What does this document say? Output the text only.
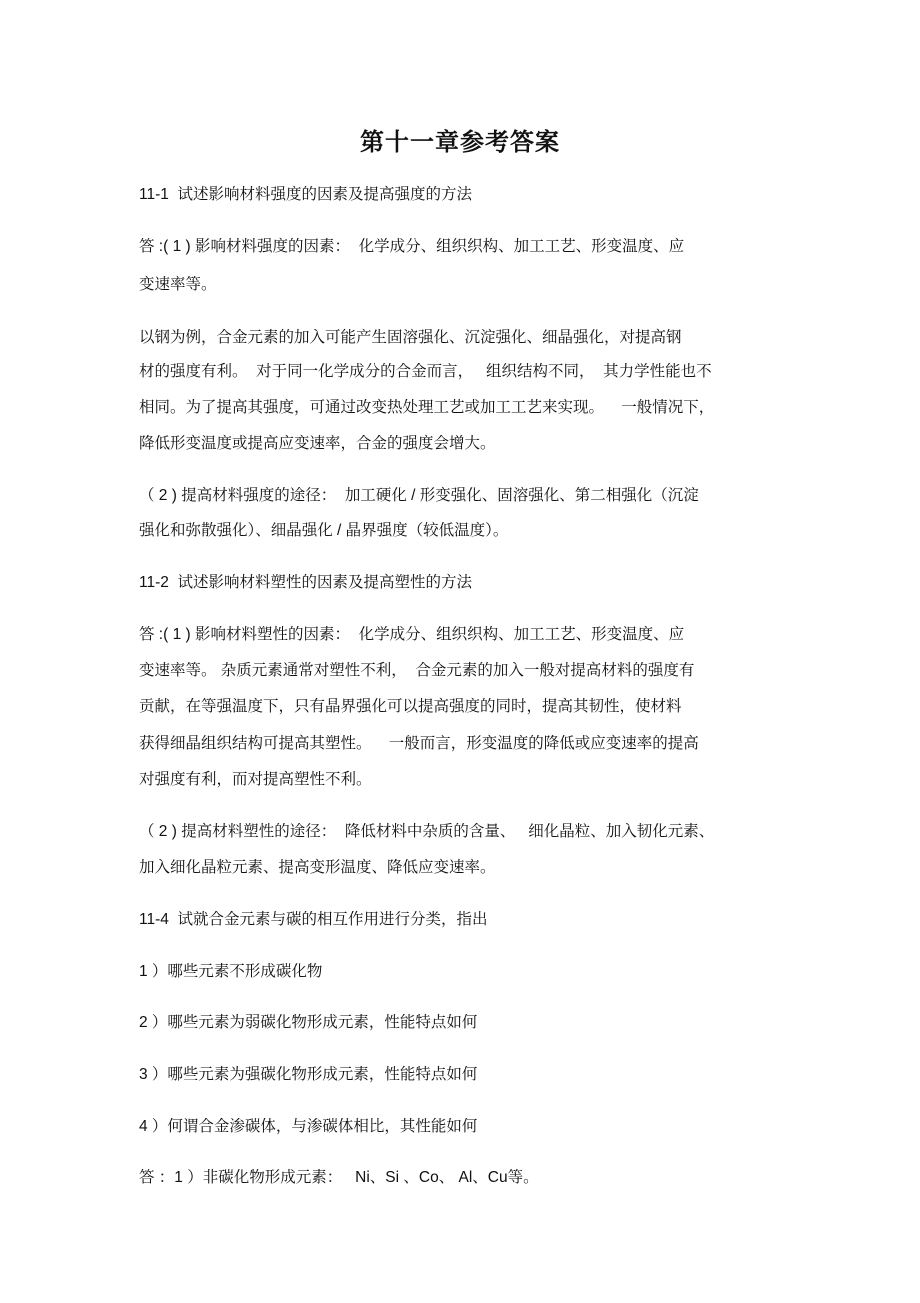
第十一章参考答案
11-1  试述影响材料强度的因素及提高强度的方法
答 :( 1 ) 影响材料强度的因素：  化学成分、组织织构、加工工艺、形变温度、应
变速率等。
以钢为例，合金元素的加入可能产生固溶强化、沉淀强化、细晶强化，对提高钢
材的强度有利。  对于同一化学成分的合金而言，   组织结构不同，  其力学性能也不
相同。为了提高其强度，可通过改变热处理工艺或加工工艺来实现。    一般情况下，
降低形变温度或提高应变速率，合金的强度会增大。
（ 2 ) 提高材料强度的途径：  加工硬化 / 形变强化、固溶强化、第二相强化（沉淀
强化和弥散强化）、细晶强化 / 晶界强度（较低温度）。
11-2  试述影响材料塑性的因素及提高塑性的方法
答 :( 1 ) 影响材料塑性的因素：  化学成分、组织织构、加工工艺、形变温度、应
变速率等。 杂质元素通常对塑性不利，  合金元素的加入一般对提高材料的强度有
贡献，在等强温度下，只有晶界强化可以提高强度的同时，提高其韧性，使材料
获得细晶组织结构可提高其塑性。    一般而言，形变温度的降低或应变速率的提高
对强度有利，而对提高塑性不利。
（ 2 ) 提高材料塑性的途径：  降低材料中杂质的含量、   细化晶粒、加入韧化元素、
加入细化晶粒元素、提高变形温度、降低应变速率。
11-4  试就合金元素与碳的相互作用进行分类，指出
1 ）哪些元素不形成碳化物
2 ）哪些元素为弱碳化物形成元素，性能特点如何
3 ）哪些元素为强碳化物形成元素，性能特点如何
4 ）何谓合金渗碳体，与渗碳体相比，其性能如何
答 ：1 ）非碳化物形成元素：   Ni、Si 、Co、 Al、Cu等。
